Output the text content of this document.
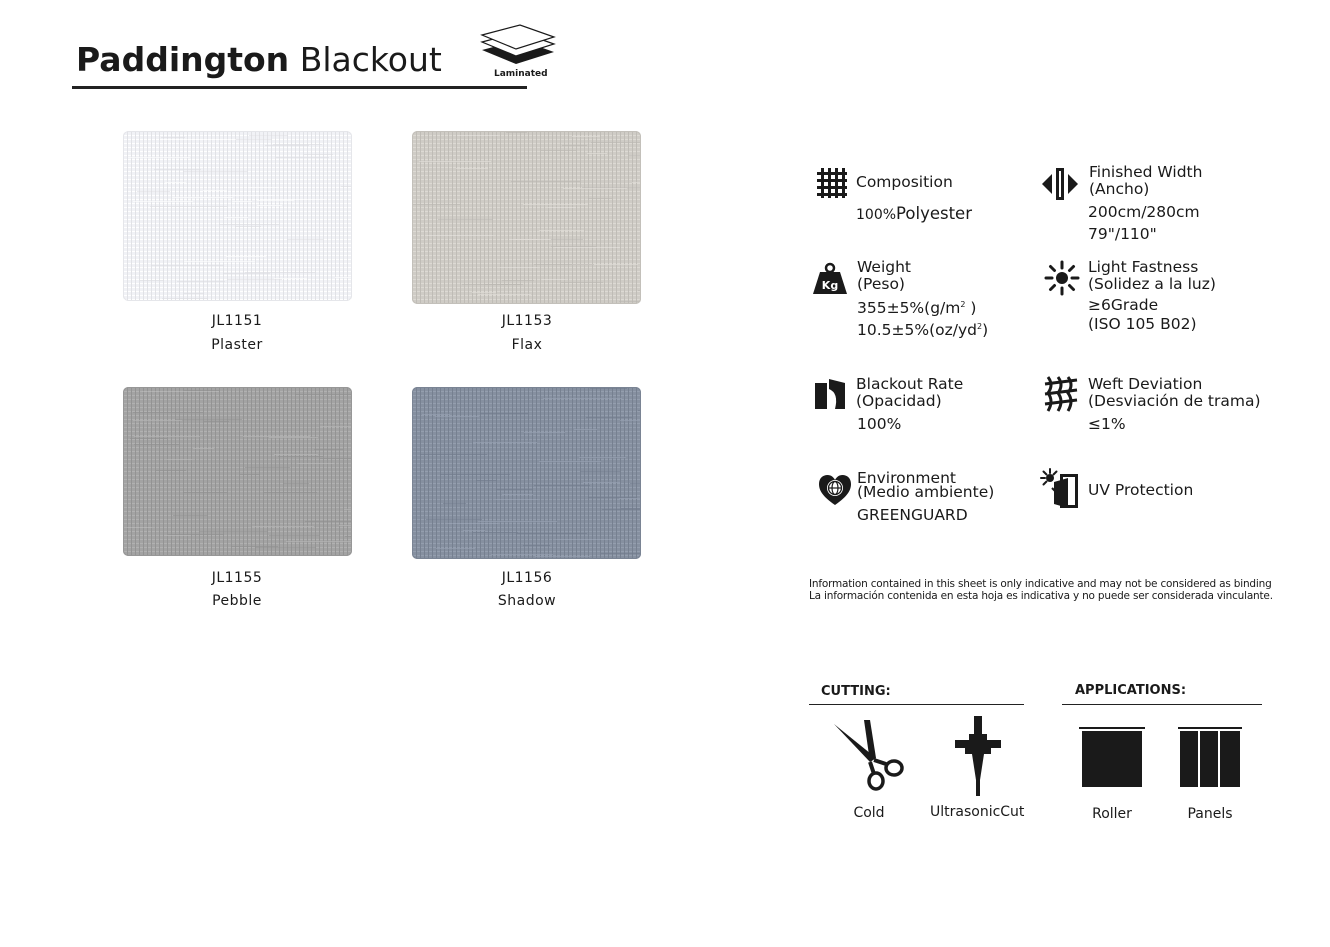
Paddington Blackout	Laminated
JL1151
Plaster
JL1153
Flax
JL1155
Pebble
JL1156
Shadow
Composition
100%Polyester
Finished Width
(Ancho)
200cm/280cm
79"/110"
Kg
Weight
(Peso)
$355\pm 5\%(g/m^2$ )
$10.5\pm 5\%(oz/yd^2)$
Light Fastness
(Solidez a la luz)
≥6Grade
(ISO 105 B02)
Blackout Rate
(Opacidad)
100%
Weft Deviation
(Desviación de trama)
≤1%
Environment
(Medio ambiente)
GREENGUARD
UV Protection
Information contained in this sheet is only indicative and may not be considered as binding
La información contenida en esta hoja es indicativa y no puede ser considerada vinculante.
CUTTING:
Cold	UltrasonicCut
APPLICATIONS:
Roller	Panels
